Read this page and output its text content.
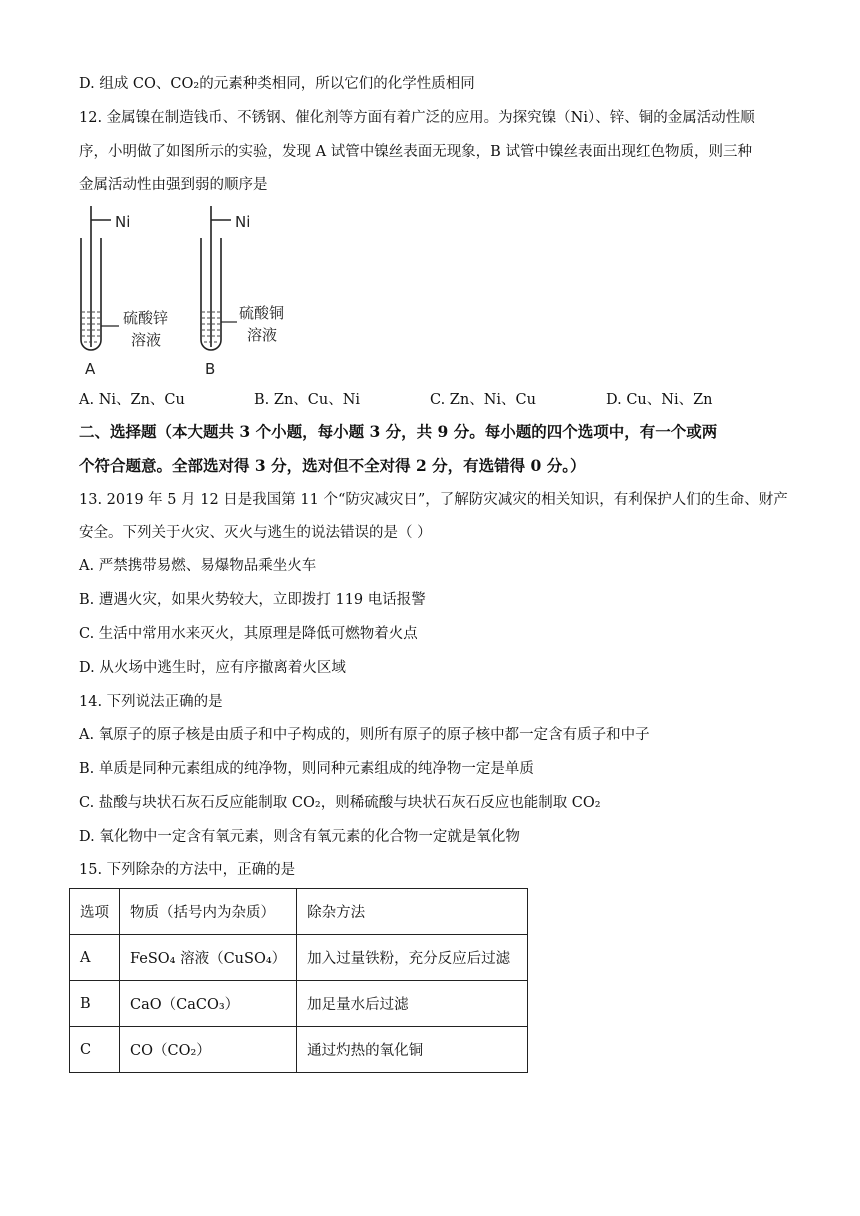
D. 组成 CO、CO₂的元素种类相同，所以它们的化学性质相同
12. 金属镍在制造钱币、不锈钢、催化剂等方面有着广泛的应用。为探究镍（Ni）、锌、铜的金属活动性顺
序，小明做了如图所示的实验，发现 A 试管中镍丝表面无现象，B 试管中镍丝表面出现红色物质，则三种
金属活动性由强到弱的顺序是
Ni
硫酸锌
溶液
A
Ni
硫酸铜
溶液
B
A. Ni、Zn、Cu	B. Zn、Cu、Ni	C. Zn、Ni、Cu	D. Cu、Ni、Zn
二、选择题（本大题共 3 个小题，每小题 3 分，共 9 分。每小题的四个选项中，有一个或两
个符合题意。全部选对得 3 分，选对但不全对得 2 分，有选错得 0 分。）
13. 2019 年 5 月 12 日是我国第 11 个“防灾减灾日”，了解防灾减灾的相关知识，有利保护人们的生命、财产
安全。下列关于火灾、灭火与逃生的说法错误的是（ ）
A. 严禁携带易燃、易爆物品乘坐火车
B. 遭遇火灾，如果火势较大，立即拨打 119 电话报警
C. 生活中常用水来灭火，其原理是降低可燃物着火点
D. 从火场中逃生时，应有序撤离着火区域
14. 下列说法正确的是
A. 氧原子的原子核是由质子和中子构成的，则所有原子的原子核中都一定含有质子和中子
B. 单质是同种元素组成的纯净物，则同种元素组成的纯净物一定是单质
C. 盐酸与块状石灰石反应能制取 CO₂，则稀硫酸与块状石灰石反应也能制取 CO₂
D. 氧化物中一定含有氧元素，则含有氧元素的化合物一定就是氧化物
15. 下列除杂的方法中，正确的是
选项	物质（括号内为杂质）	除杂方法
A	FeSO₄ 溶液（CuSO₄）	加入过量铁粉，充分反应后过滤
B	CaO（CaCO₃）	加足量水后过滤
C	CO（CO₂）	通过灼热的氧化铜
